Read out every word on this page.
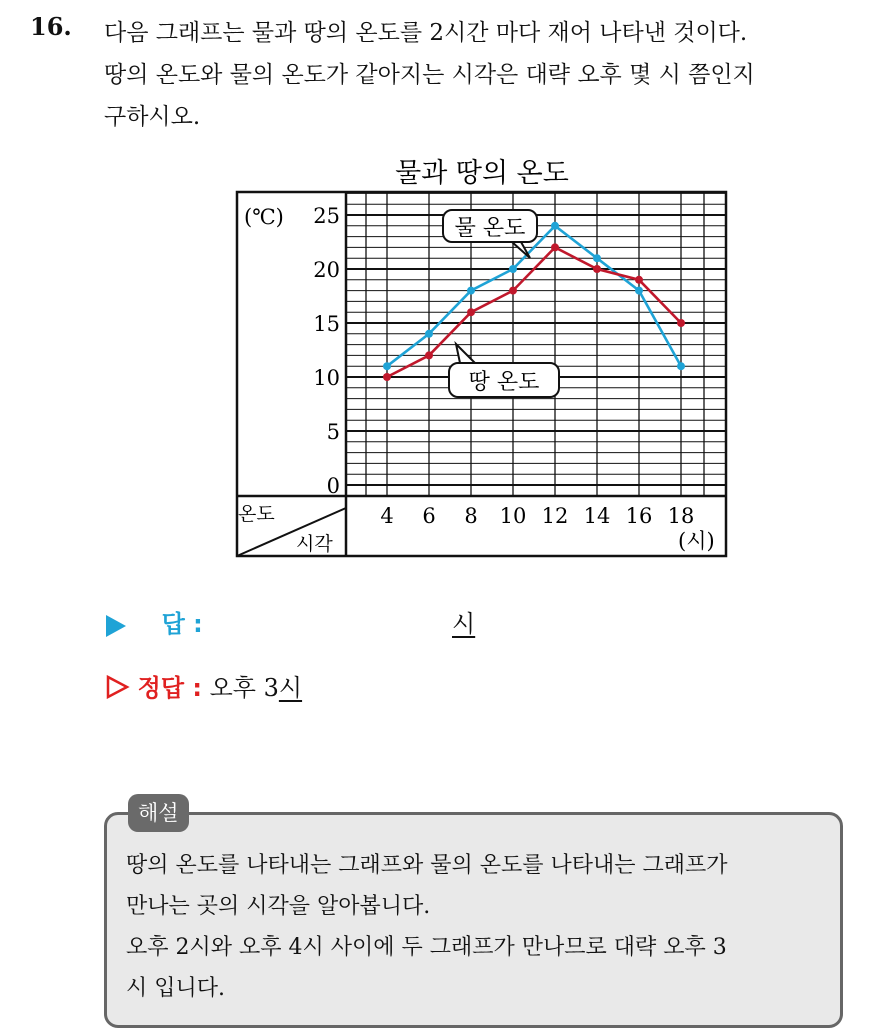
16. 다음 그래프는 물과 땅의 온도를 2시간 마다 재어 나타낸 것이다.
땅의 온도와 물의 온도가 같아지는 시각은 대략 오후 몇 시 쯤인지
구하시오.
물과 땅의 온도
(℃)
(시)
온도
시각
0
5
10
15
20
25
4 6 8 10 12 14 16 18
물 온도
땅 온도
답 :	시
정답 : 오후 3시
해설
땅의 온도를 나타내는 그래프와 물의 온도를 나타내는 그래프가
만나는 곳의 시각을 알아봅니다.
오후 2시와 오후 4시 사이에 두 그래프가 만나므로 대략 오후 3
시 입니다.
